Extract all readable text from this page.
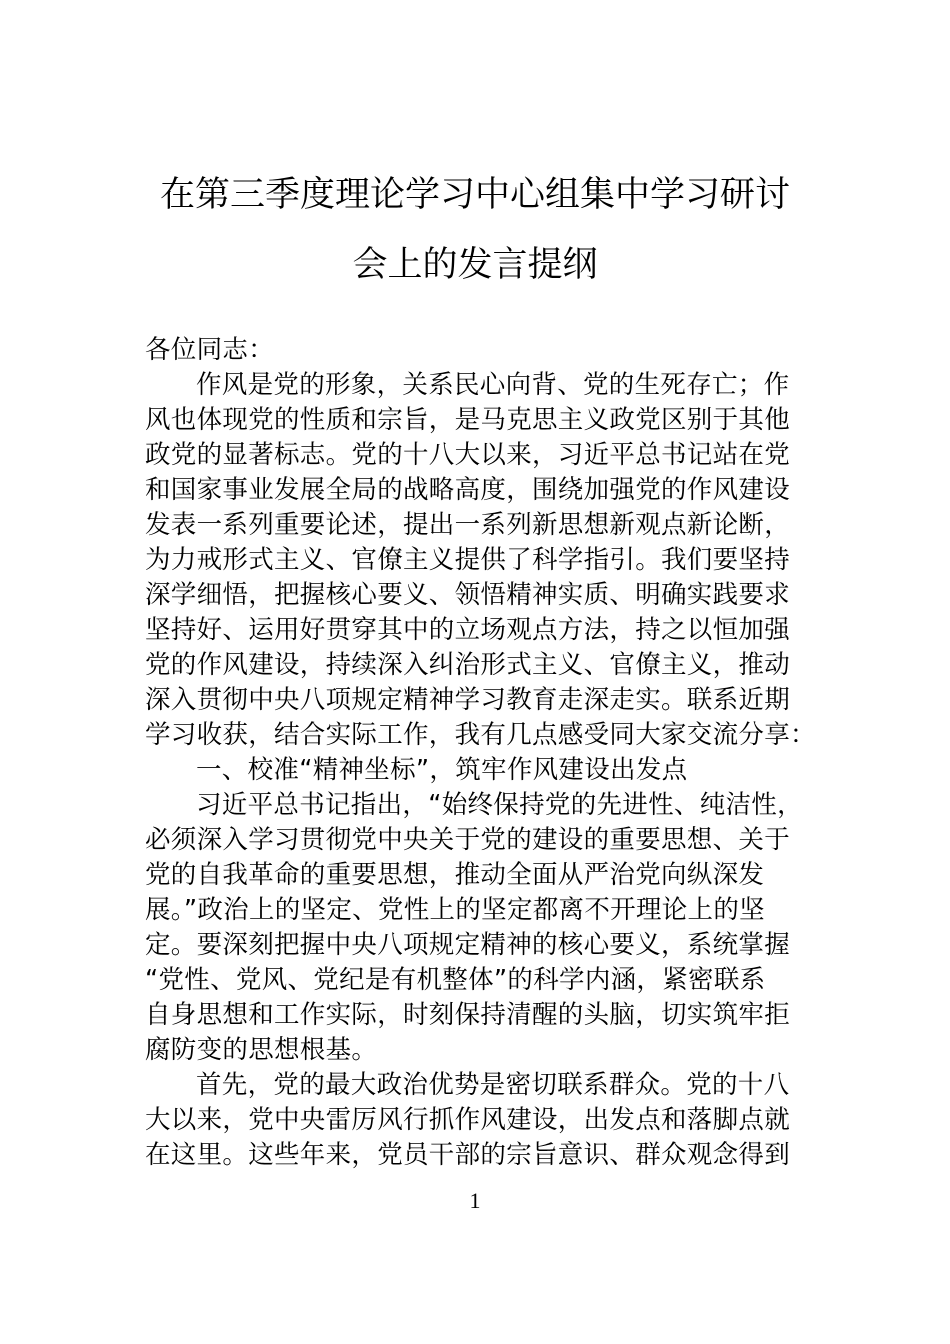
在第三季度理论学习中心组集中学习研讨
会上的发言提纲
各位同志：
作风是党的形象，关系民心向背、党的生死存亡；作
风也体现党的性质和宗旨，是马克思主义政党区别于其他
政党的显著标志。党的十八大以来，习近平总书记站在党
和国家事业发展全局的战略高度，围绕加强党的作风建设
发表一系列重要论述，提出一系列新思想新观点新论断，
为力戒形式主义、官僚主义提供了科学指引。我们要坚持
深学细悟，把握核心要义、领悟精神实质、明确实践要求
坚持好、运用好贯穿其中的立场观点方法，持之以恒加强
党的作风建设，持续深入纠治形式主义、官僚主义，推动
深入贯彻中央八项规定精神学习教育走深走实。联系近期
学习收获，结合实际工作，我有几点感受同大家交流分享：
一、校准“精神坐标”，筑牢作风建设出发点
习近平总书记指出，“始终保持党的先进性、纯洁性，
必须深入学习贯彻党中央关于党的建设的重要思想、关于
党的自我革命的重要思想，推动全面从严治党向纵深发
展。”政治上的坚定、党性上的坚定都离不开理论上的坚
定。要深刻把握中央八项规定精神的核心要义，系统掌握
“党性、党风、党纪是有机整体”的科学内涵，紧密联系
自身思想和工作实际，时刻保持清醒的头脑，切实筑牢拒
腐防变的思想根基。
首先，党的最大政治优势是密切联系群众。党的十八
大以来，党中央雷厉风行抓作风建设，出发点和落脚点就
在这里。这些年来，党员干部的宗旨意识、群众观念得到
1
